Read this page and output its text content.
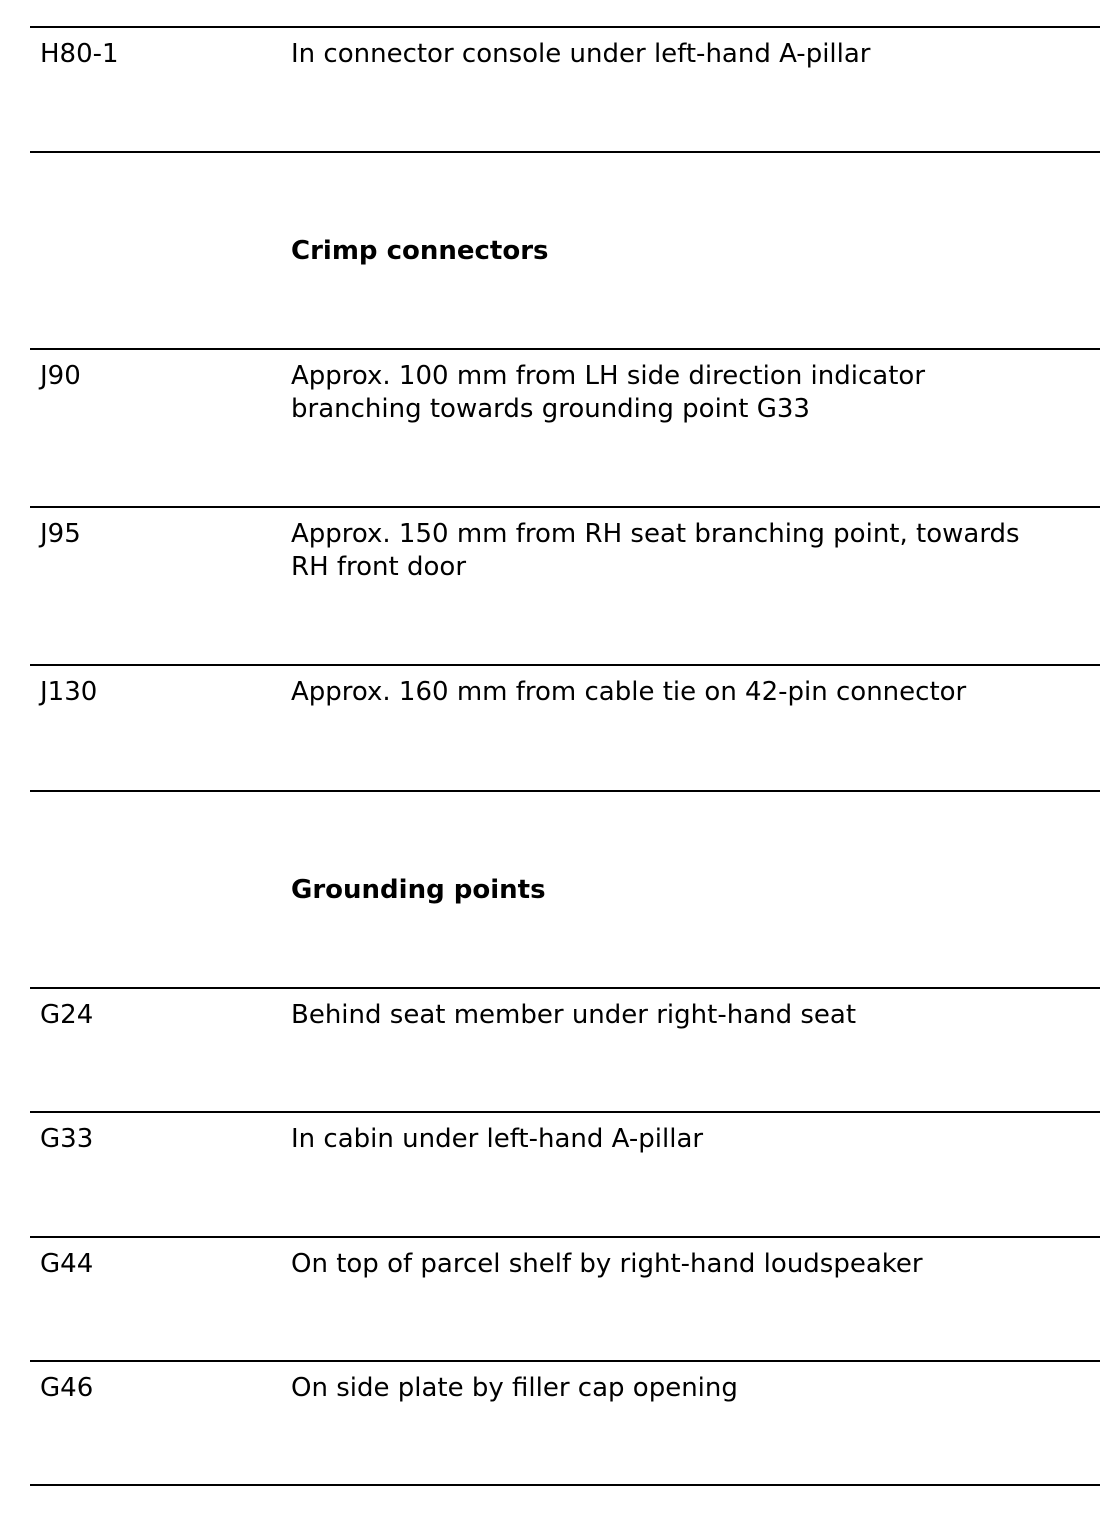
H80-1	In connector console under left-hand A-pillar
Crimp connectors
J90	Approx. 100 mm from LH side direction indicator
branching towards grounding point G33
J95	Approx. 150 mm from RH seat branching point, towards
RH front door
J130	Approx. 160 mm from cable tie on 42-pin connector
Grounding points
G24	Behind seat member under right-hand seat
G33	In cabin under left-hand A-pillar
G44	On top of parcel shelf by right-hand loudspeaker
G46	On side plate by filler cap opening
